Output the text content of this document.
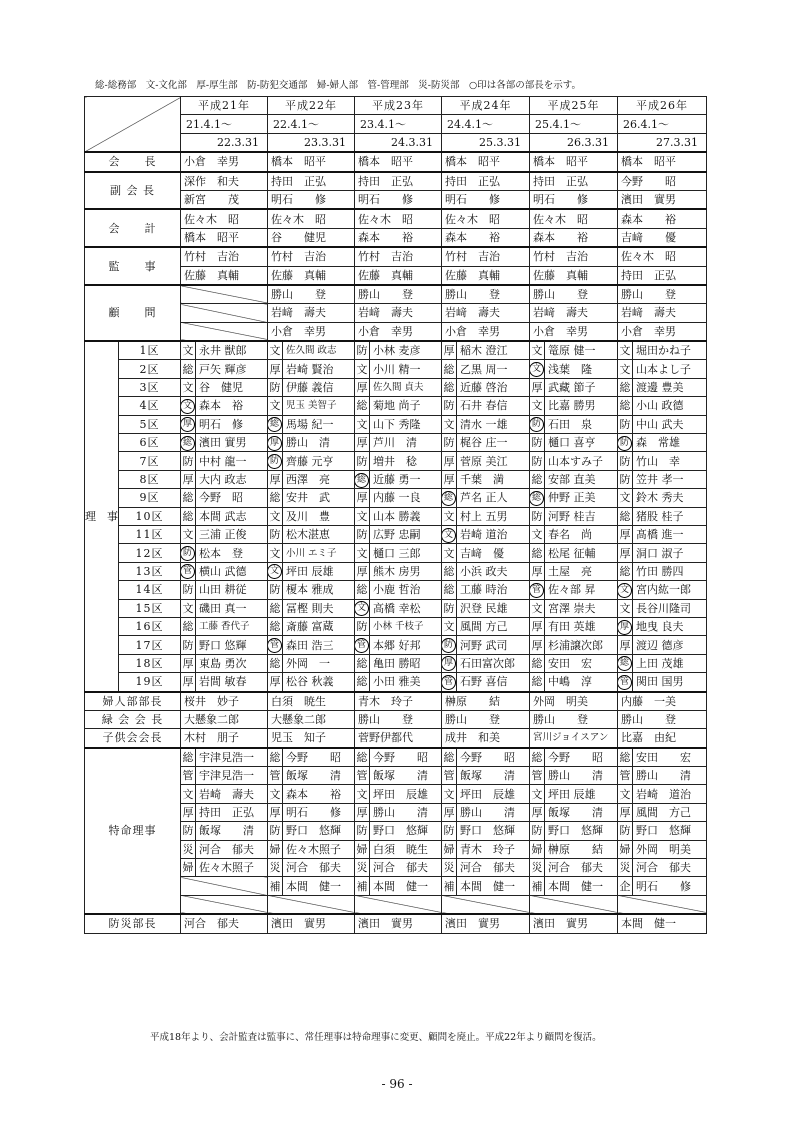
総-総務部　文-文化部　厚-厚生部　防-防犯交通部　婦-婦人部　管-管理部　災-防災部　○印は各部の部長を示す。
		平成21年		平成22年		平成23年		平成24年		平成25年		平成26年	
		21.4.1～		22.4.1～		23.4.1～		24.4.1～		25.4.1～		26.4.1～	
		22.3.31		23.3.31		24.3.31		25.3.31		26.3.31		27.3.31	
会　　長		小倉　幸男		橋本　昭平		橋本　昭平		橋本　昭平		橋本　昭平		橋本　昭平	
副 会 長		深作　和夫		持田　正弘		持田　正弘		持田　正弘		持田　正弘		今野　　昭	
		新宮　　茂		明石　　修		明石　　修		明石　　修		明石　　修		濱田　實男	
会　　計		佐々木　昭		佐々木　昭		佐々木　昭		佐々木　昭		佐々木　昭		森本　　裕	
		橋本　昭平		谷　　健児		森本　　裕		森本　　裕		森本　　裕		吉﨑　　優	
監　　事		竹村　吉治		竹村　吉治		竹村　吉治		竹村　吉治		竹村　吉治		佐々木　昭	
		佐藤　真輔		佐藤　真輔		佐藤　真輔		佐藤　真輔		佐藤　真輔		持田　正弘	
顧　　問				勝山　　登		勝山　　登		勝山　　登		勝山　　登		勝山　　登	
				岩﨑　壽夫		岩﨑　壽夫		岩﨑　壽夫		岩﨑　壽夫		岩﨑　壽夫	
				小倉　幸男		小倉　幸男		小倉　幸男		小倉　幸男		小倉　幸男	
理　事	1区	文	永井 獣郎	文	佐久間 政志	防	小林 麦彦	厚	稲木 澄江	文	篭原 健一	文	堀田かね子
	2区	総	戸矢 輝彦	厚	岩崎 賢治	文	小川 精一	総	乙黒 周一	文	浅葉　隆	文	山本よし子
	3区	文	谷　健児	防	伊藤 義信	厚	佐久間 貞夫	総	近藤 啓治	厚	武藏 節子	総	渡邊 豊美
	4区	文	森本　裕	文	児玉 美智子	総	菊地 尚子	防	石井 春信	文	比嘉 勝男	総	小山 政德
	5区	厚	明石　修	総	馬場 紀一	文	山下 秀隆	文	清水 一雄	防	石田　泉	防	中山 武夫
	6区	総	濱田 實男	厚	勝山　清	厚	芦川　清	防	梶谷 庄一	防	樋口 喜亨	防	森　常雄
	7区	防	中村 龍一	防	齊藤 元亨	防	増井　稔	厚	菅原 美江	防	山本すみ子	防	竹山　幸
	8区	厚	大内 政志	厚	西澤　亮	総	近藤 勇一	厚	千葉　満	総	安部 直美	防	笠井 孝一
	9区	総	今野　昭	総	安井　武	厚	内藤 一良	総	芦名 正人	総	仲野 正美	文	鈴木 秀夫
	10区	総	本間 武志	文	及川　豊	文	山本 勝義	文	村上 五男	防	河野 桂吉	総	猪股 桂子
	11区	文	三浦 正俊	防	松木湛恵	防	広野 忠嗣	文	岩崎 道治	文	春名　尚	厚	髙橋 進一
	12区	防	松本　登	文	小川 エミ子	文	樋口 三郎	文	吉﨑　優	総	松尾 征輔	厚	洞口 淑子
	13区	管	横山 武德	文	坪田 辰雄	厚	熊木 房男	総	小浜 政夫	厚	土屋　亮	総	竹田 勝四
	14区	防	山田 耕従	防	榎本 雅成	総	小鹿 哲治	総	工藤 時治	管	佐々部 昇	文	宮内紘一郎
	15区	文	磯田 真一	総	冨樫 則夫	文	高橋 幸松	防	沢登 民雄	文	宮澤 崇夫	文	長谷川隆司
	16区	総	工藤 香代子	総	斎藤 富蔵	防	小林 千枝子	文	風間 方己	厚	有田 英雄	厚	地曳 良夫
	17区	防	野口 悠輝	管	森田 浩三	管	本郷 好邦	防	河野 武司	厚	杉浦譲次郎	厚	渡辺 德彦
	18区	厚	東島 勇次	総	外岡　一	総	亀田 勝昭	厚	石田富次郎	総	安田　宏	総	上田 茂雄
	19区	厚	岩間 敏春	厚	松谷 秋義	総	小田 雅美	管	石野 喜信	総	中嶋　淳	管	関田 国男
婦人部部長		桜井　妙子		白須　暁生		青木　玲子		榊原　　結		外岡　明美		内藤　一美	
緑 会 会 長		大懸象二郎		大懸象二郎		勝山　　登		勝山　　登		勝山　　登		勝山　　登	
子供会会長		木村　朋子		児玉　知子		菅野伊都代		成井　和美		宮川ジョイスアン		比嘉　由紀	
特命理事		総	宇津見浩一	総	今野　　昭	総	今野　　昭	総	今野　　昭	総	今野　　昭	総	安田　　宏
		管	宇津見浩一	管	飯塚　　清	管	飯塚　　清	管	飯塚　　清	管	勝山　　清	管	勝山　　清
		文	岩崎　壽夫	文	森本　　裕	文	坪田　辰雄	文	坪田　辰雄	文	坪田 辰雄	文	岩崎　道治
		厚	持田　正弘	厚	明石　　修	厚	勝山　　清	厚	勝山　　清	厚	飯塚　　清	厚	風間　方己
		防	飯塚　　清	防	野口　悠輝	防	野口　悠輝	防	野口　悠輝	防	野口　悠輝	防	野口　悠輝
		災	河合　郁夫	婦	佐々木照子	婦	白須　暁生	婦	青木　玲子	婦	榊原　　結	婦	外岡　明美
		婦	佐々木照子	災	河合　郁夫	災	河合　郁夫	災	河合　郁夫	災	河合　郁夫	災	河合　郁夫
				補	本間　健一	補	本間　健一	補	本間　健一	補	本間　健一	企	明石　　修

防災部長		河合　郁夫		濱田　實男		濱田　實男		濱田　實男		濱田　實男		本間　健一	
平成18年より、会計監査は監事に、常任理事は特命理事に変更、顧問を廃止。平成22年より顧問を復活。
- 96 -
